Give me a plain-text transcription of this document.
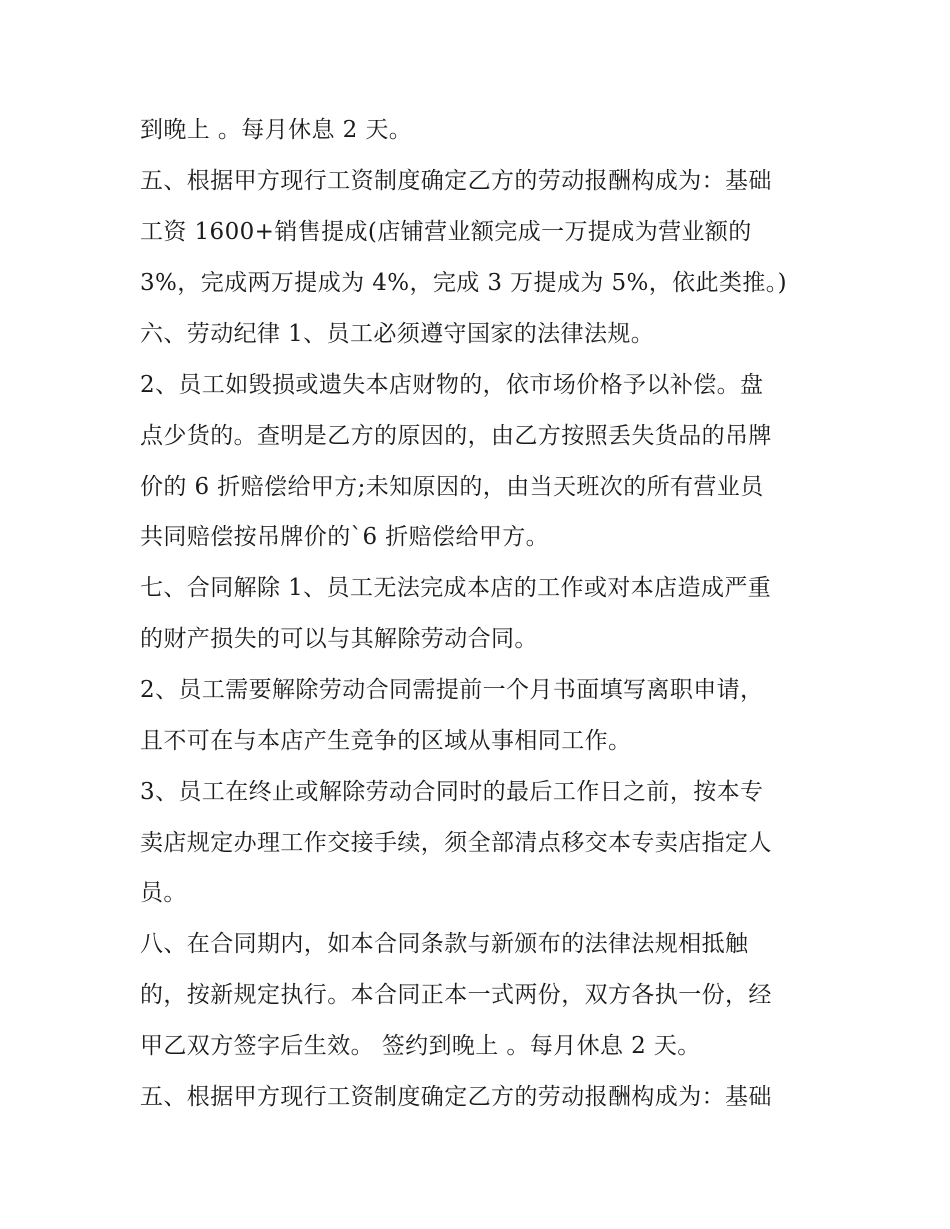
到晚上 。每月休息 2 天。
五、根据甲方现行工资制度确定乙方的劳动报酬构成为：基础
工资 1600+销售提成(店铺营业额完成一万提成为营业额的
3%，完成两万提成为 4%，完成 3 万提成为 5%，依此类推。)
六、劳动纪律 1、员工必须遵守国家的法律法规。
2、员工如毁损或遗失本店财物的，依市场价格予以补偿。盘
点少货的。查明是乙方的原因的，由乙方按照丢失货品的吊牌
价的 6 折赔偿给甲方;未知原因的，由当天班次的所有营业员
共同赔偿按吊牌价的`6 折赔偿给甲方。
七、合同解除 1、员工无法完成本店的工作或对本店造成严重
的财产损失的可以与其解除劳动合同。
2、员工需要解除劳动合同需提前一个月书面填写离职申请，
且不可在与本店产生竞争的区域从事相同工作。
3、员工在终止或解除劳动合同时的最后工作日之前，按本专
卖店规定办理工作交接手续，须全部清点移交本专卖店指定人
员。
八、在合同期内，如本合同条款与新颁布的法律法规相抵触
的，按新规定执行。本合同正本一式两份，双方各执一份，经
甲乙双方签字后生效。 签约到晚上 。每月休息 2 天。
五、根据甲方现行工资制度确定乙方的劳动报酬构成为：基础
